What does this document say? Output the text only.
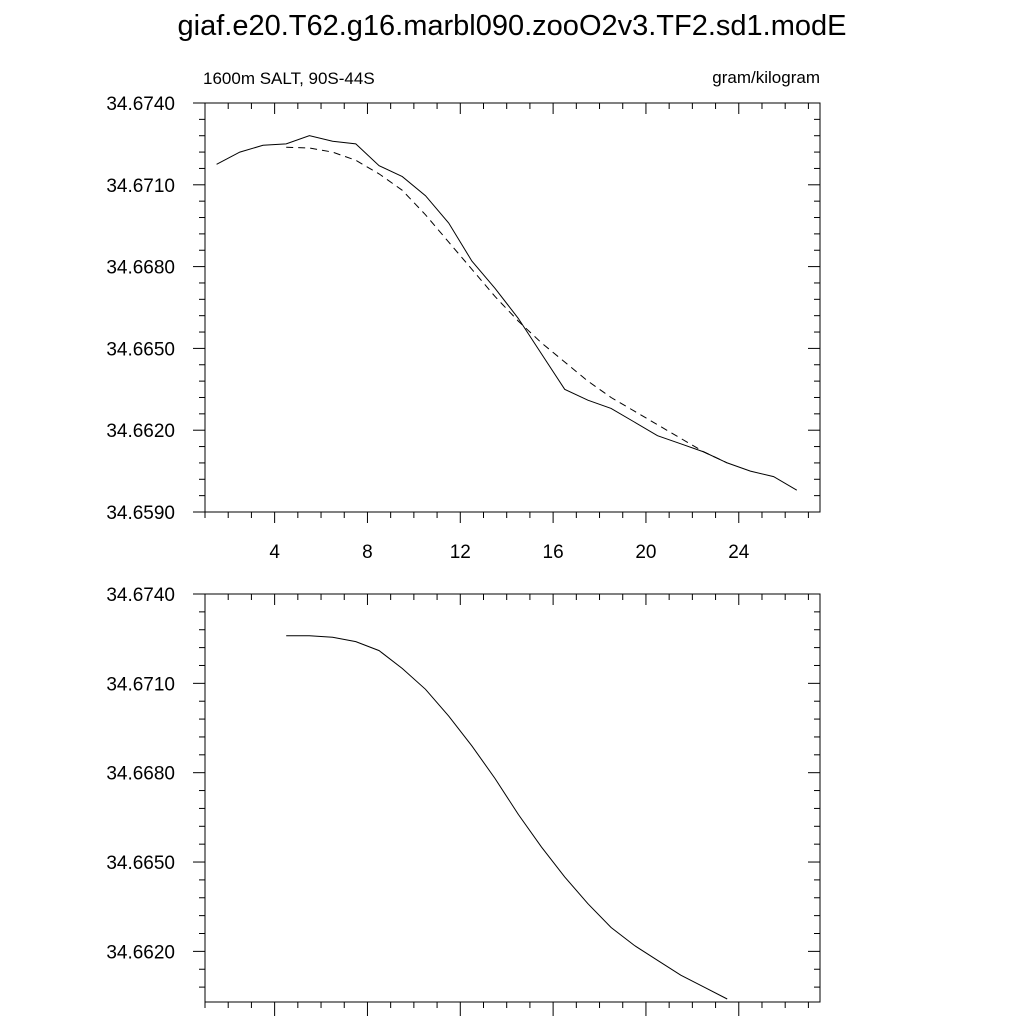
giaf.e20.T62.g16.marbl090.zooO2v3.TF2.sd1.modE
1600m SALT, 90S-44S	gram/kilogram
4	8	12	16	20	24
34.6590
34.6620
34.6650
34.6680
34.6710
34.6740
34.6620
34.6650
34.6680
34.6710
34.6740
